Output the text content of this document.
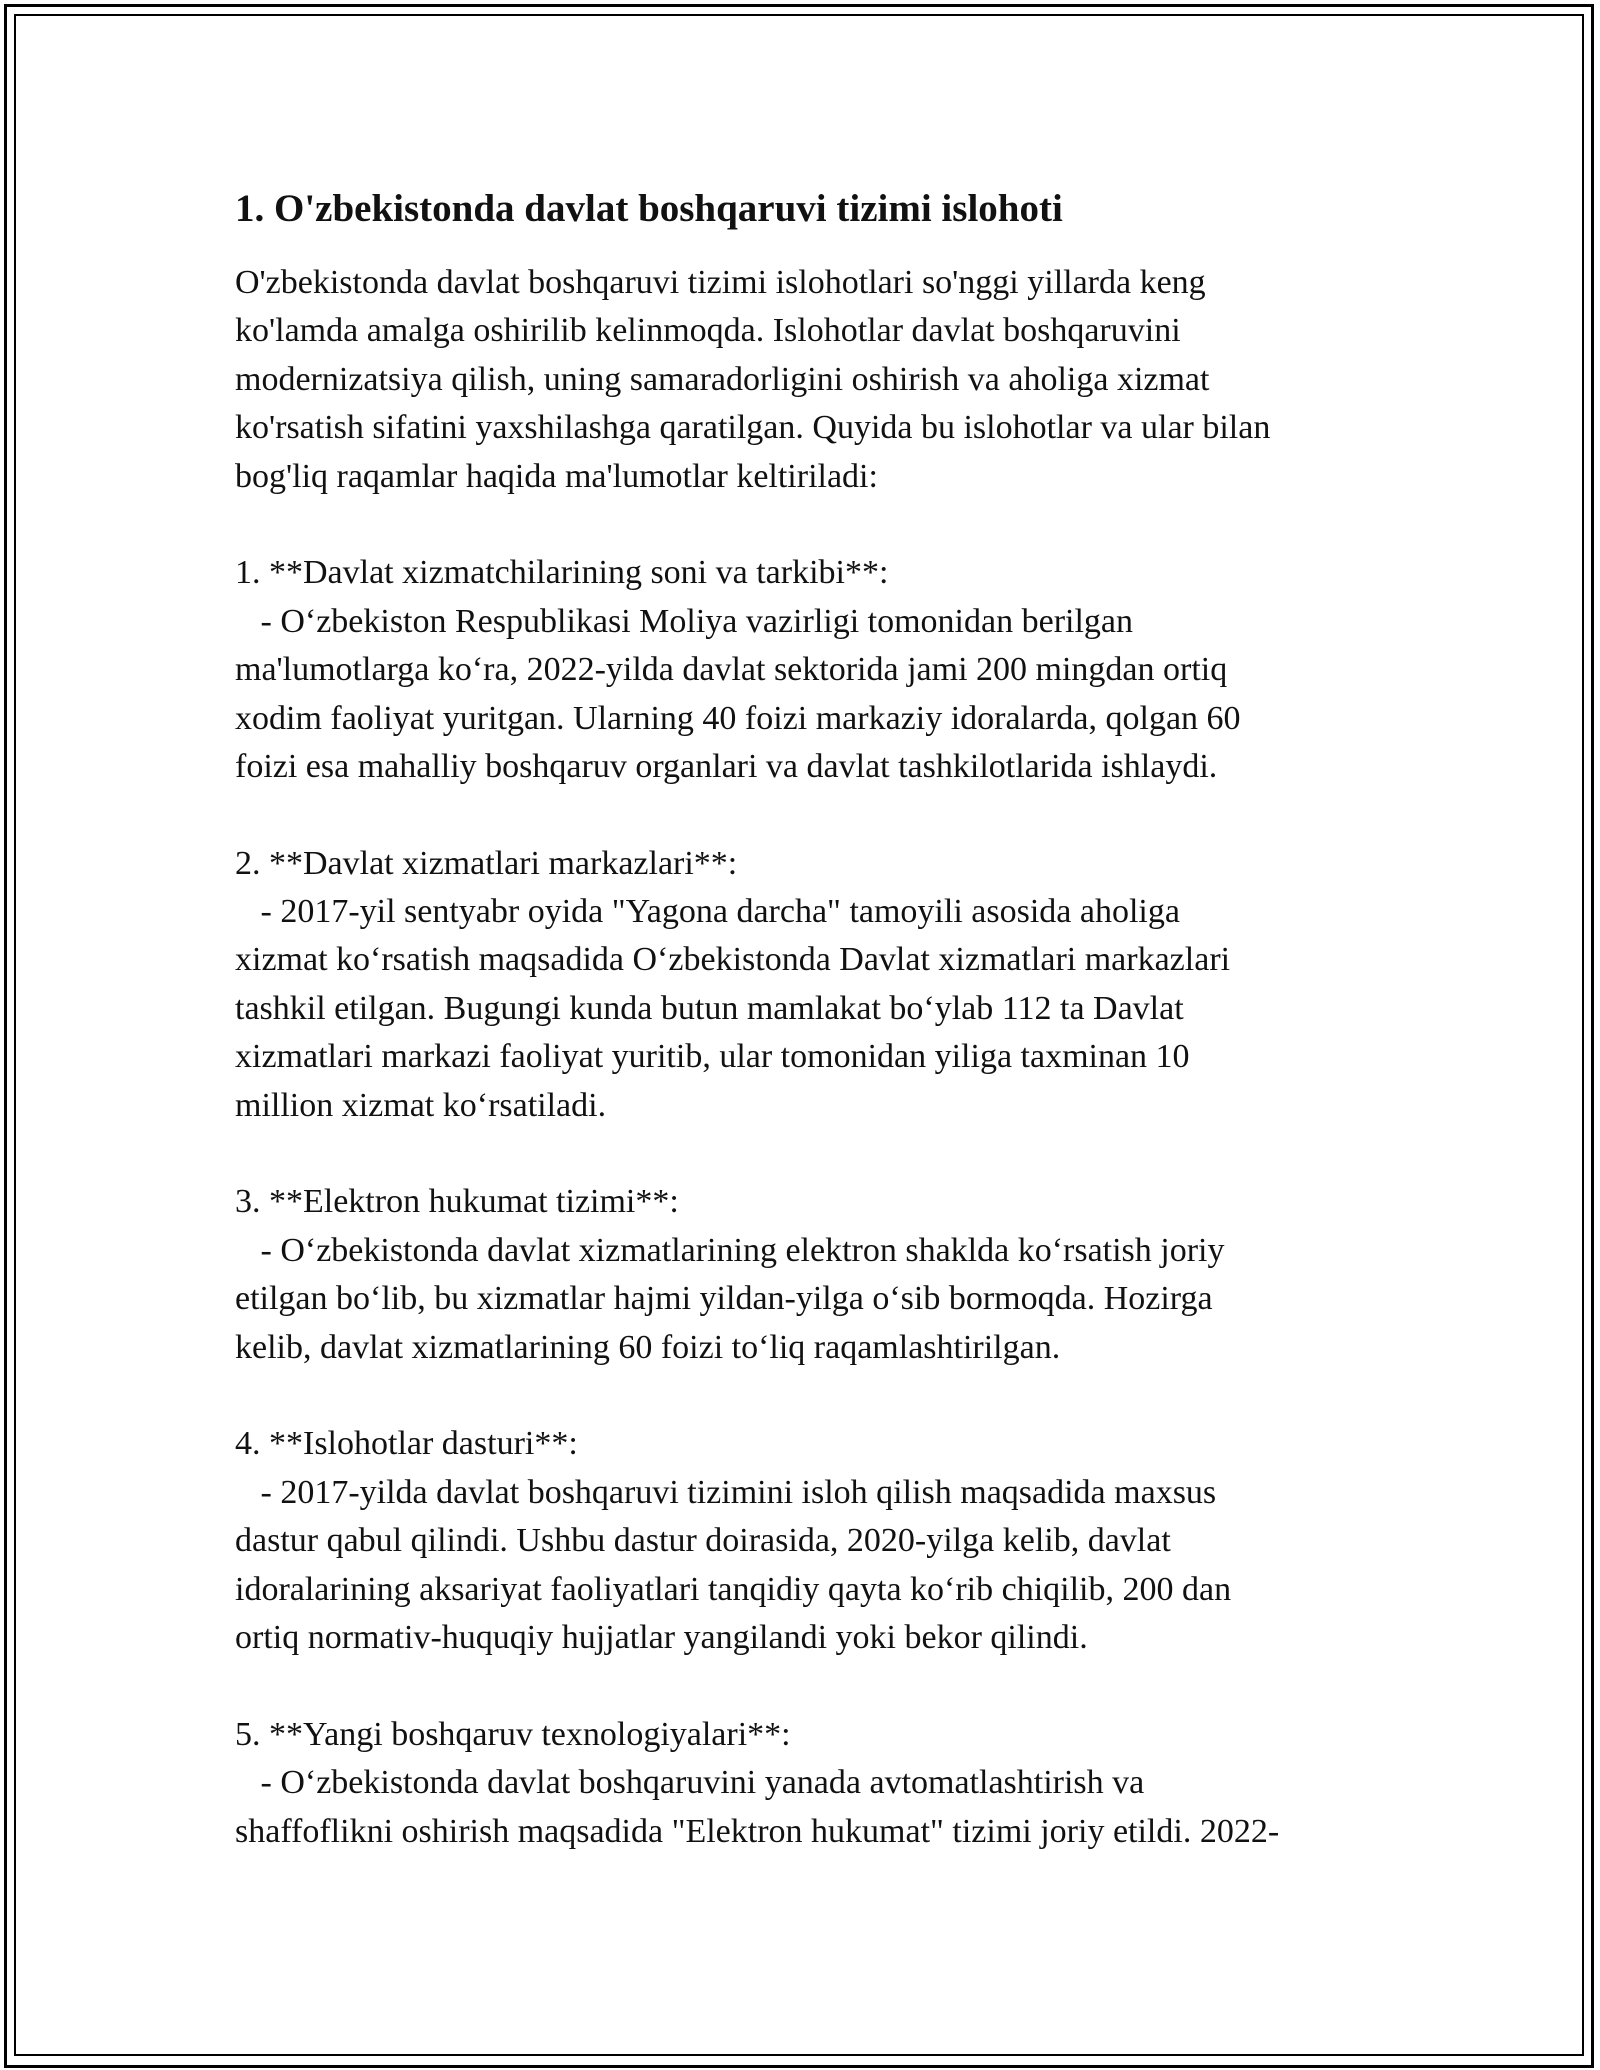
1. O'zbekistonda davlat boshqaruvi tizimi islohoti
O'zbekistonda davlat boshqaruvi tizimi islohotlari so'nggi yillarda keng
ko'lamda amalga oshirilib kelinmoqda. Islohotlar davlat boshqaruvini
modernizatsiya qilish, uning samaradorligini oshirish va aholiga xizmat
ko'rsatish sifatini yaxshilashga qaratilgan. Quyida bu islohotlar va ular bilan
bog'liq raqamlar haqida ma'lumotlar keltiriladi:
1. **Davlat xizmatchilarining soni va tarkibi**:
- O‘zbekiston Respublikasi Moliya vazirligi tomonidan berilgan
ma'lumotlarga ko‘ra, 2022-yilda davlat sektorida jami 200 mingdan ortiq
xodim faoliyat yuritgan. Ularning 40 foizi markaziy idoralarda, qolgan 60
foizi esa mahalliy boshqaruv organlari va davlat tashkilotlarida ishlaydi.
2. **Davlat xizmatlari markazlari**:
- 2017-yil sentyabr oyida "Yagona darcha" tamoyili asosida aholiga
xizmat ko‘rsatish maqsadida O‘zbekistonda Davlat xizmatlari markazlari
tashkil etilgan. Bugungi kunda butun mamlakat bo‘ylab 112 ta Davlat
xizmatlari markazi faoliyat yuritib, ular tomonidan yiliga taxminan 10
million xizmat ko‘rsatiladi.
3. **Elektron hukumat tizimi**:
- O‘zbekistonda davlat xizmatlarining elektron shaklda ko‘rsatish joriy
etilgan bo‘lib, bu xizmatlar hajmi yildan-yilga o‘sib bormoqda. Hozirga
kelib, davlat xizmatlarining 60 foizi to‘liq raqamlashtirilgan.
4. **Islohotlar dasturi**:
- 2017-yilda davlat boshqaruvi tizimini isloh qilish maqsadida maxsus
dastur qabul qilindi. Ushbu dastur doirasida, 2020-yilga kelib, davlat
idoralarining aksariyat faoliyatlari tanqidiy qayta ko‘rib chiqilib, 200 dan
ortiq normativ-huquqiy hujjatlar yangilandi yoki bekor qilindi.
5. **Yangi boshqaruv texnologiyalari**:
- O‘zbekistonda davlat boshqaruvini yanada avtomatlashtirish va
shaffoflikni oshirish maqsadida "Elektron hukumat" tizimi joriy etildi. 2022-
